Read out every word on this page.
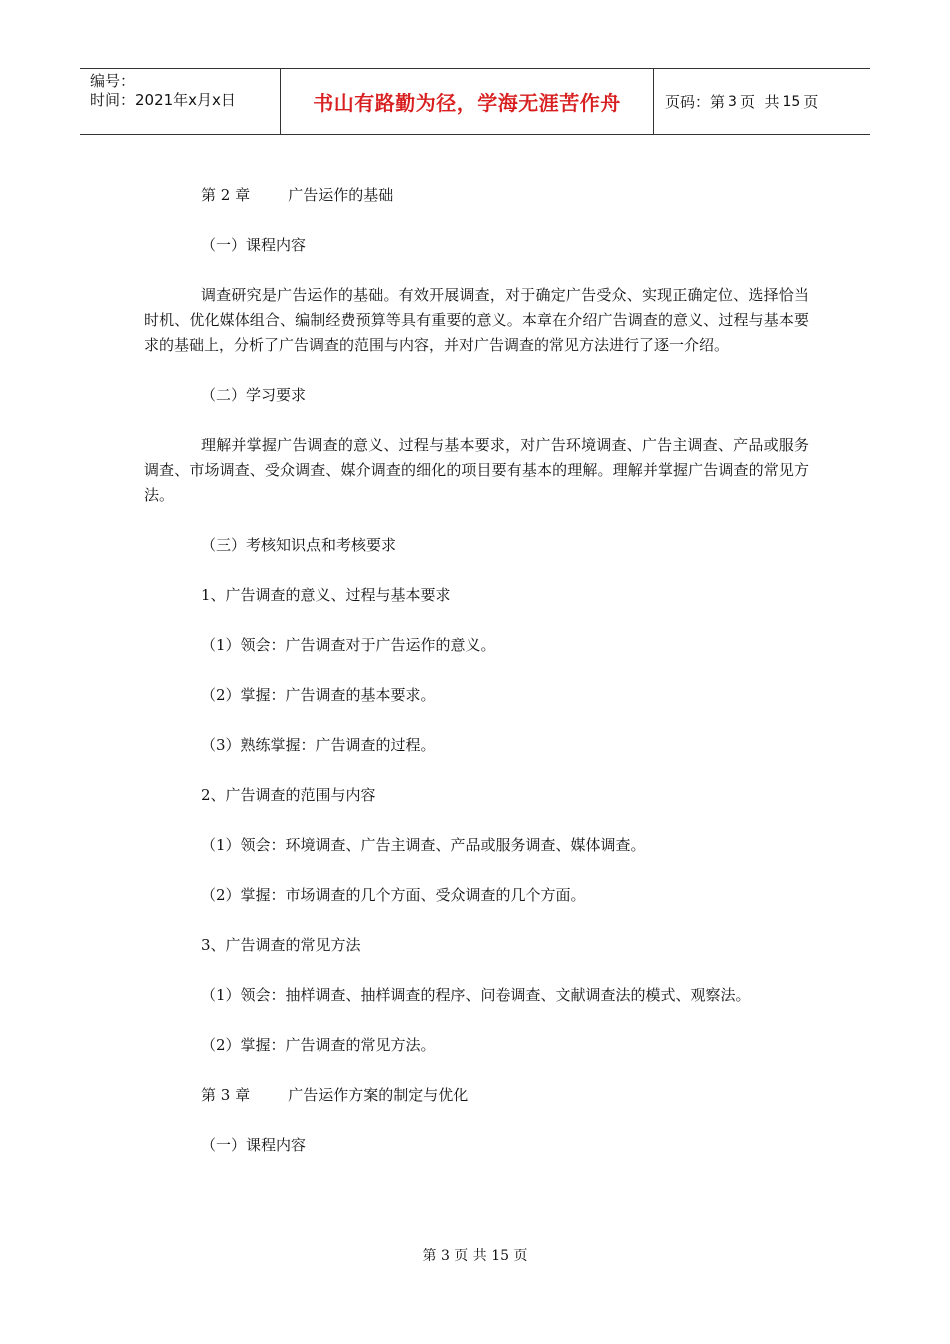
编号：
时间：2021年x月x日	书山有路勤为径，学海无涯苦作舟	页码：第 3 页  共 15 页
第 2 章        广告运作的基础
（一）课程内容
调查研究是广告运作的基础。有效开展调查，对于确定广告受众、实现正确定位、选择恰当时机、优化媒体组合、编制经费预算等具有重要的意义。本章在介绍广告调查的意义、过程与基本要求的基础上，分析了广告调查的范围与内容，并对广告调查的常见方法进行了逐一介绍。
（二）学习要求
理解并掌握广告调查的意义、过程与基本要求，对广告环境调查、广告主调查、产品或服务调查、市场调查、受众调查、媒介调查的细化的项目要有基本的理解。理解并掌握广告调查的常见方法。
（三）考核知识点和考核要求
1、广告调查的意义、过程与基本要求
（1）领会：广告调查对于广告运作的意义。
（2）掌握：广告调查的基本要求。
（3）熟练掌握：广告调查的过程。
2、广告调查的范围与内容
（1）领会：环境调查、广告主调查、产品或服务调查、媒体调查。
（2）掌握：市场调查的几个方面、受众调查的几个方面。
3、广告调查的常见方法
（1）领会：抽样调查、抽样调查的程序、问卷调查、文献调查法的模式、观察法。
（2）掌握：广告调查的常见方法。
第 3 章        广告运作方案的制定与优化
（一）课程内容
第 3 页 共 15 页
